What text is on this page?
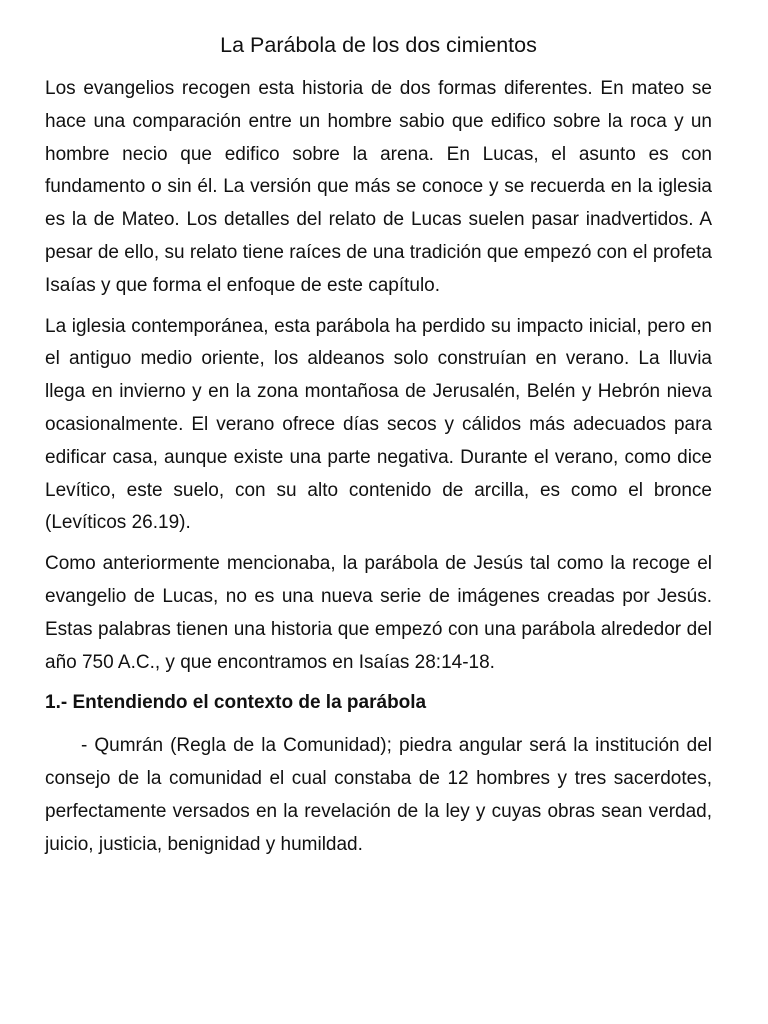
La Parábola de los dos cimientos

Los evangelios recogen esta historia de dos formas diferentes. En mateo se hace una comparación entre un hombre sabio que edifico sobre la roca y un hombre necio que edifico sobre la arena. En Lucas, el asunto es con fundamento o sin él. La versión que más se conoce y se recuerda en la iglesia es la de Mateo. Los detalles del relato de Lucas suelen pasar inadvertidos. A pesar de ello, su relato tiene raíces de una tradición que empezó con el profeta Isaías y que forma el enfoque de este capítulo.

La iglesia contemporánea, esta parábola ha perdido su impacto inicial, pero en el antiguo medio oriente, los aldeanos solo construían en verano. La lluvia llega en invierno y en la zona montañosa de Jerusalén, Belén y Hebrón nieva ocasionalmente. El verano ofrece días secos y cálidos más adecuados para edificar casa, aunque existe una parte negativa. Durante el verano, como dice Levítico, este suelo, con su alto contenido de arcilla, es como el bronce (Levíticos 26.19).

Como anteriormente mencionaba, la parábola de Jesús tal como la recoge el evangelio de Lucas, no es una nueva serie de imágenes creadas por Jesús. Estas palabras tienen una historia que empezó con una parábola alrededor del año 750 A.C., y que encontramos en Isaías 28:14-18.

1.- Entendiendo el contexto de la parábola

- Qumrán (Regla de la Comunidad); piedra angular será la institución del consejo de la comunidad el cual constaba de 12 hombres y tres sacerdotes, perfectamente versados en la revelación de la ley y cuyas obras sean verdad, juicio, justicia, benignidad y humildad.
